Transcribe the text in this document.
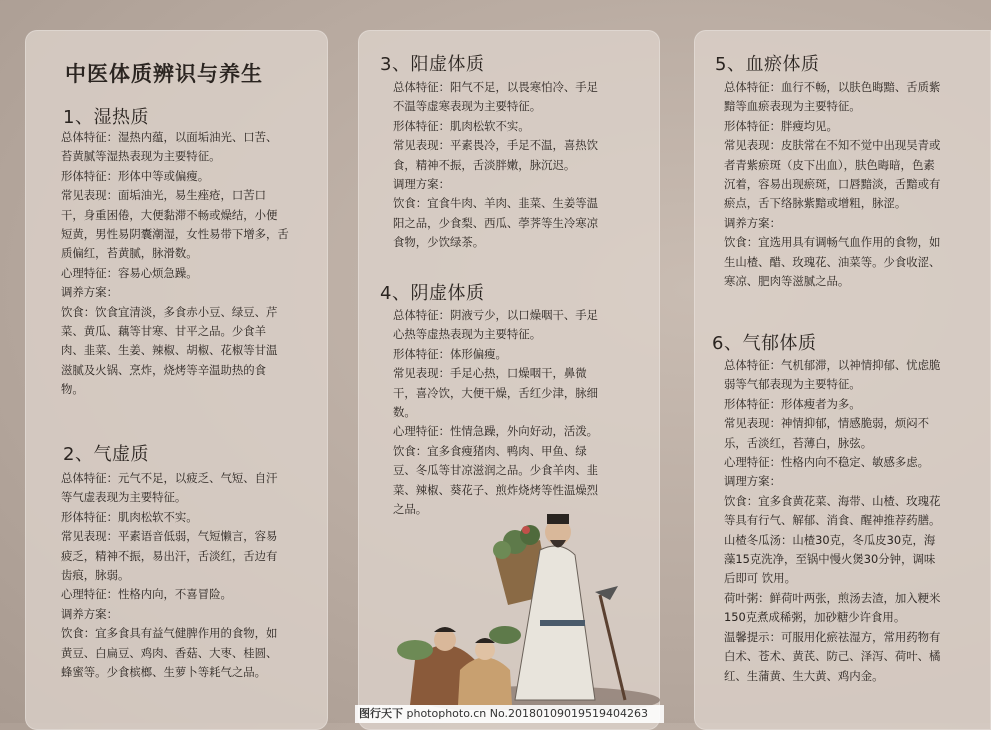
中医体质辨识与养生
1、湿热质

总体特征：湿热内蕴，以面垢油光、口苦、

苔黄腻等湿热表现为主要特征。

形体特征：形体中等或偏瘦。

常见表现：面垢油光，易生痤疮，口苦口

干，身重困倦，大便黏滞不畅或燥结，小便

短黄，男性易阴囊潮湿，女性易带下增多，舌

质偏红，苔黄腻，脉滑数。

心理特征：容易心烦急躁。

调养方案：

饮食：饮食宜清淡，多食赤小豆、绿豆、芹

菜、黄瓜、藕等甘寒、甘平之品。少食羊

肉、韭菜、生姜、辣椒、胡椒、花椒等甘温

滋腻及火锅、烹炸，烧烤等辛温助热的食

物。

2、气虚质

总体特征：元气不足，以疲乏、气短、自汗

等气虚表现为主要特征。

形体特征：肌肉松软不实。

常见表现：平素语音低弱，气短懒言，容易

疲乏，精神不振，易出汗，舌淡红，舌边有

齿痕，脉弱。

心理特征：性格内向，不喜冒险。

调养方案：

饮食：宜多食具有益气健脾作用的食物，如

黄豆、白扁豆、鸡肉、香菇、大枣、桂圆、

蜂蜜等。少食槟榔、生萝卜等耗气之品。

3、阳虚体质

总体特征：阳气不足，以畏寒怕冷、手足

不温等虚寒表现为主要特征。

形体特征：肌肉松软不实。

常见表现：平素畏冷，手足不温，喜热饮

食，精神不振，舌淡胖嫩，脉沉迟。

调理方案：

饮食：宜食牛肉、羊肉、韭菜、生姜等温

阳之品，少食梨、西瓜、荸荠等生冷寒凉

食物，少饮绿茶。

4、阴虚体质

总体特征：阴液亏少，以口燥咽干、手足

心热等虚热表现为主要特征。

形体特征：体形偏瘦。

常见表现：手足心热，口燥咽干，鼻微

干，喜冷饮，大便干燥，舌红少津，脉细

数。

心理特征：性情急躁，外向好动，活泼。

饮食：宜多食瘦猪肉、鸭肉、甲鱼、绿

豆、冬瓜等甘凉滋润之品。少食羊肉、韭

菜、辣椒、葵花子、煎炸烧烤等性温燥烈

之品。

5、血瘀体质

总体特征：血行不畅，以肤色晦黯、舌质紫

黯等血瘀表现为主要特征。

形体特征：胖瘦均见。

常见表现：皮肤常在不知不觉中出现吴青或

者青紫瘀斑（皮下出血），肤色晦暗，色素

沉着，容易出现瘀斑，口唇黯淡，舌黯或有

瘀点，舌下络脉紫黯或增粗，脉涩。

调养方案：

饮食：宜选用具有调畅气血作用的食物，如

生山楂、醋、玫瑰花、油菜等。少食收涩、

寒凉、肥肉等滋腻之品。

6、气郁体质

总体特征：气机郁滞，以神情抑郁、忧虑脆

弱等气郁表现为主要特征。

形体特征：形体瘦者为多。

常见表现：神情抑郁，情感脆弱，烦闷不

乐，舌淡红，苔薄白，脉弦。

心理特征：性格内向不稳定、敏感多虑。

调理方案：

饮食：宜多食黄花菜、海带、山楂、玫瑰花

等具有行气、解郁、消食、醒神推荐药膳。

山楂冬瓜汤：山楂30克，冬瓜皮30克，海

藻15克洗净，至锅中慢火煲30分钟，调味

后即可 饮用。

荷叶粥：鲜荷叶两张，煎汤去渣，加入粳米

150克煮成稀粥，加砂糖少许食用。

温馨提示：可服用化瘀祛湿方，常用药物有

白术、苍术、黄芪、防己、泽泻、荷叶、橘

红、生蒲黄、生大黄、鸡内金。

图行天下 photophoto.cn No.20180109019519404263
